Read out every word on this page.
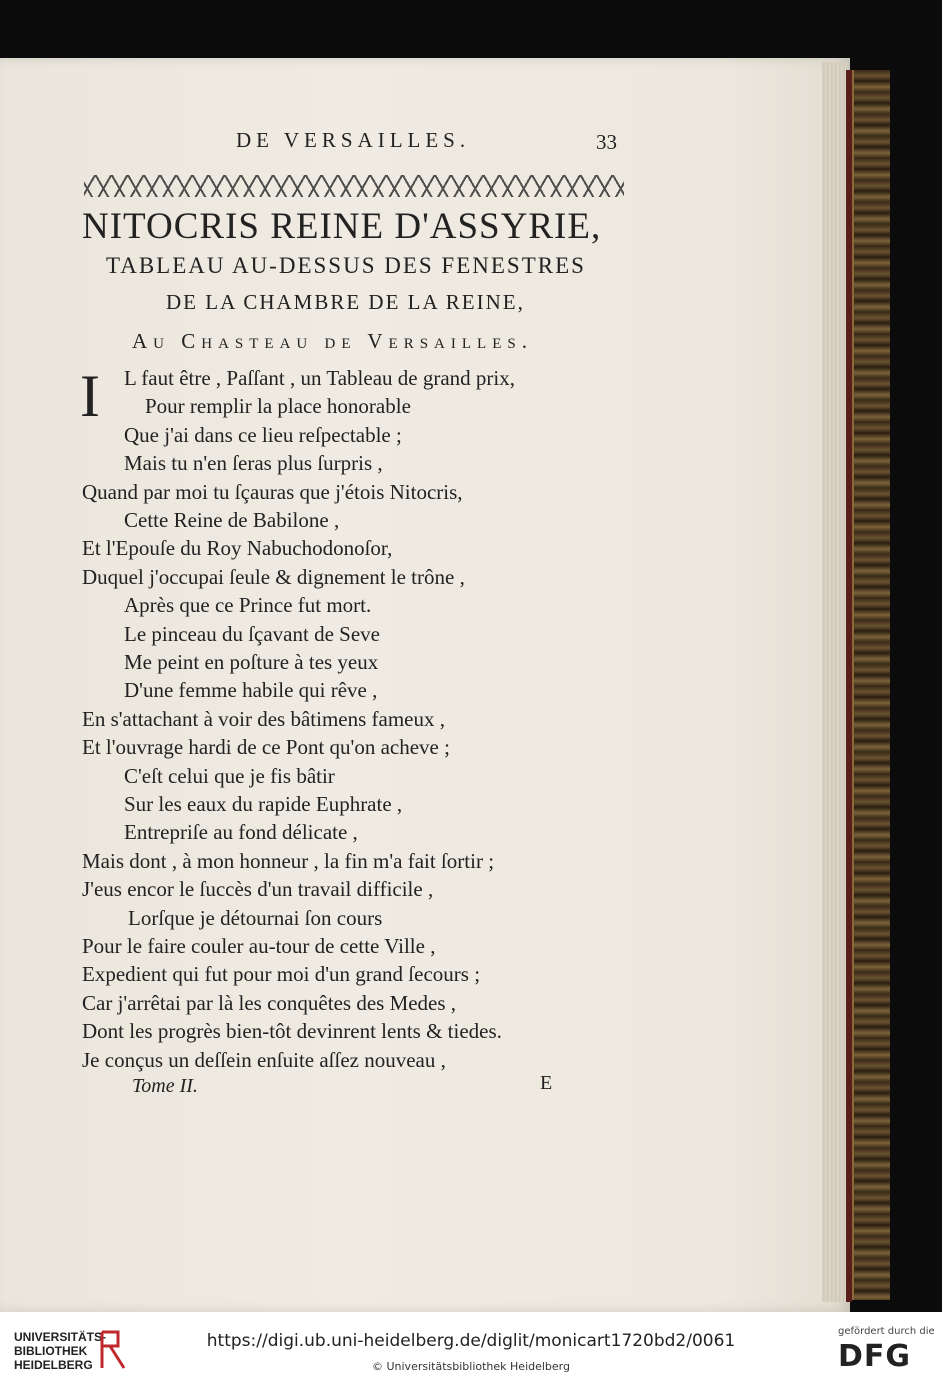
DE VERSAILLES.	33
NITOCRIS REINE D'ASSYRIE,
TABLEAU AU-DESSUS DES FENESTRES
DE LA CHAMBRE DE LA REINE,
Au Chasteau de Versailles.
I L faut être , Paſſant , un Tableau de grand prix,
Pour remplir la place honorable
Que j'ai dans ce lieu reſpectable ;
Mais tu n'en ſeras plus ſurpris ,
Quand par moi tu ſçauras que j'étois Nitocris,
Cette Reine de Babilone ,
Et l'Epouſe du Roy Nabuchodonoſor,
Duquel j'occupai ſeule & dignement le trône ,
Après que ce Prince fut mort.
Le pinceau du ſçavant de Seve
Me peint en poſture à tes yeux
D'une femme habile qui rêve ,
En s'attachant à voir des bâtimens fameux ,
Et l'ouvrage hardi de ce Pont qu'on acheve ;
C'eſt celui que je fis bâtir
Sur les eaux du rapide Euphrate ,
Entrepriſe au fond délicate ,
Mais dont , à mon honneur , la fin m'a fait ſortir ;
J'eus encor le ſuccès d'un travail difficile ,
Lorſque je détournai ſon cours
Pour le faire couler au-tour de cette Ville ,
Expedient qui fut pour moi d'un grand ſecours ;
Car j'arrêtai par là les conquêtes des Medes ,
Dont les progrès bien-tôt devinrent lents & tiedes.
Je conçus un deſſein enſuite aſſez nouveau ,
Tome II.	E
UNIVERSITÄTS-
BIBLIOTHEK
HEIDELBERG
https://digi.ub.uni-heidelberg.de/diglit/monicart1720bd2/0061
© Universitätsbibliothek Heidelberg
gefördert durch die
DFG
